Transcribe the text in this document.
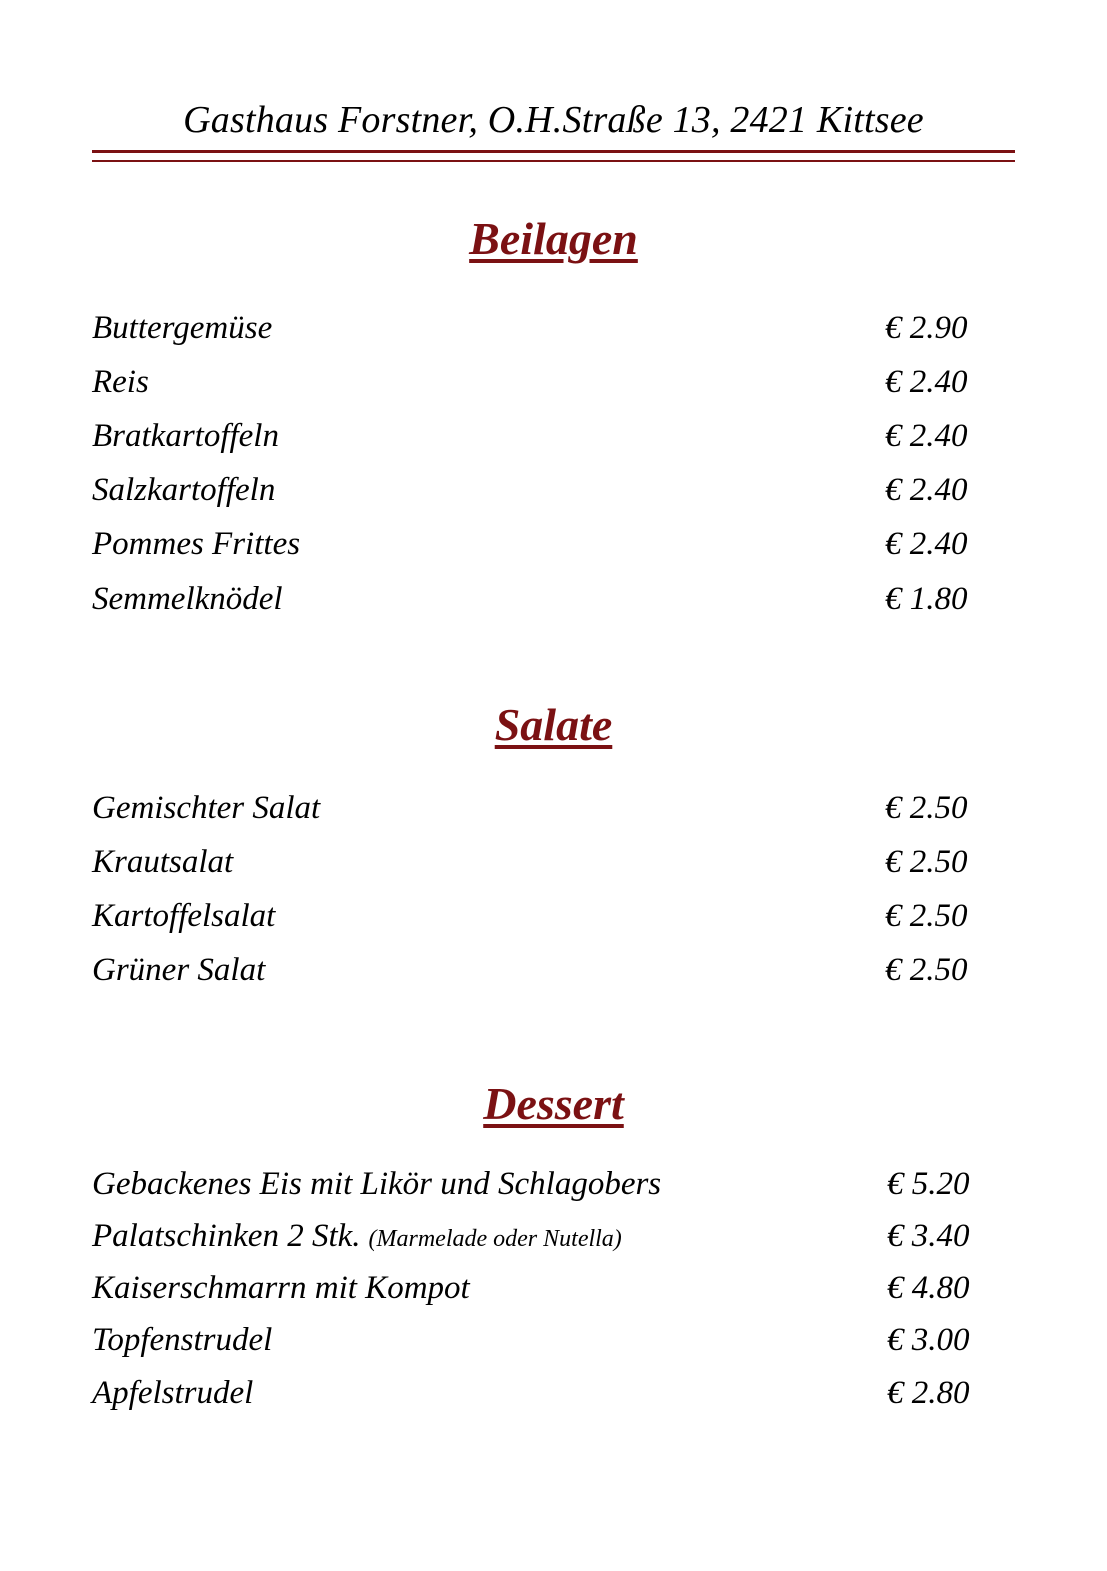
Gasthaus Forstner, O.H.Straße 13, 2421 Kittsee
Beilagen
Buttergemüse	€ 2.90
Reis	€ 2.40
Bratkartoffeln	€ 2.40
Salzkartoffeln	€ 2.40
Pommes Frittes	€ 2.40
Semmelknödel	€ 1.80
Salate
Gemischter Salat	€ 2.50
Krautsalat	€ 2.50
Kartoffelsalat	€ 2.50
Grüner Salat	€ 2.50
Dessert
Gebackenes Eis mit Likör und Schlagobers	€ 5.20
Palatschinken 2 Stk. (Marmelade oder Nutella)	€ 3.40
Kaiserschmarrn mit Kompot	€ 4.80
Topfenstrudel	€ 3.00
Apfelstrudel	€ 2.80
